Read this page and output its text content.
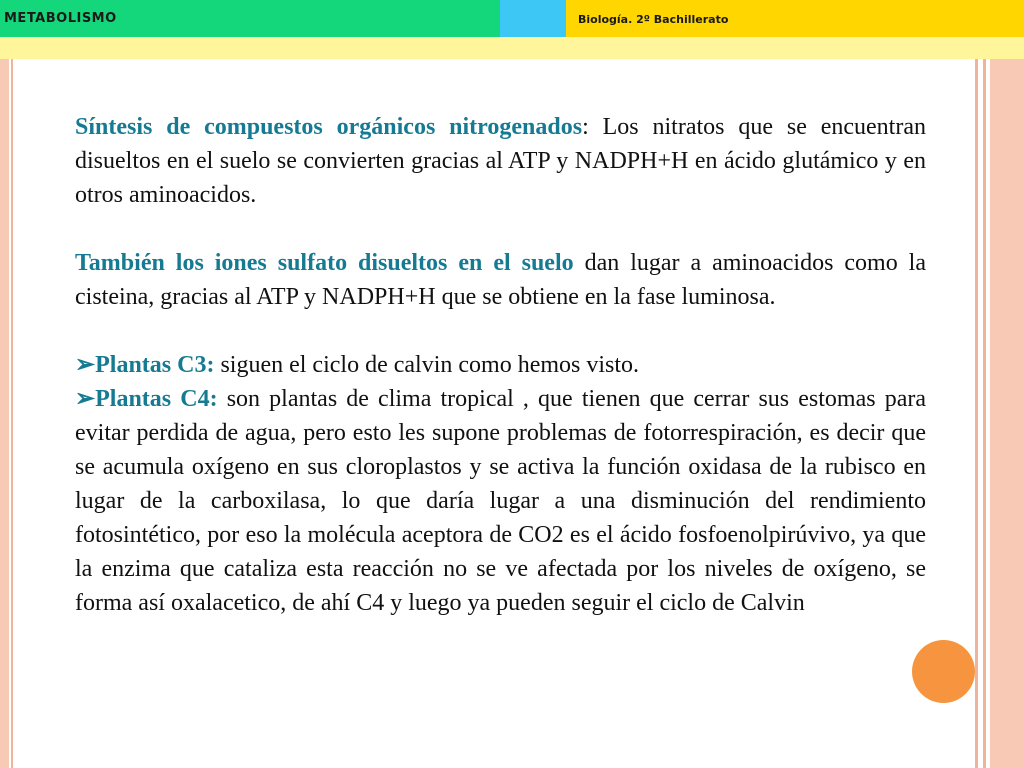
METABOLISMO	Biología. 2º Bachillerato

Síntesis de compuestos orgánicos nitrogenados: Los nitratos que se encuentran disueltos en el suelo se convierten gracias al ATP y NADPH+H en ácido glutámico y en otros aminoacidos.

También los iones sulfato disueltos en el suelo dan lugar a aminoacidos como la cisteina, gracias al ATP y NADPH+H que se obtiene en la fase luminosa.

➢Plantas C3: siguen el ciclo de calvin como hemos visto.

➢Plantas C4: son plantas de clima tropical , que tienen que cerrar sus estomas para evitar perdida de agua, pero esto les supone problemas de fotorrespiración, es decir que se acumula oxígeno en sus cloroplastos y se activa la función oxidasa de la rubisco en lugar de la carboxilasa, lo que daría lugar a una disminución del rendimiento fotosintético, por eso la molécula aceptora de CO2 es el ácido fosfoenolpirúvivo, ya que la enzima que cataliza esta reacción no se ve afectada por los niveles de oxígeno, se forma así oxalacetico, de ahí C4 y luego ya pueden seguir el ciclo de Calvin
